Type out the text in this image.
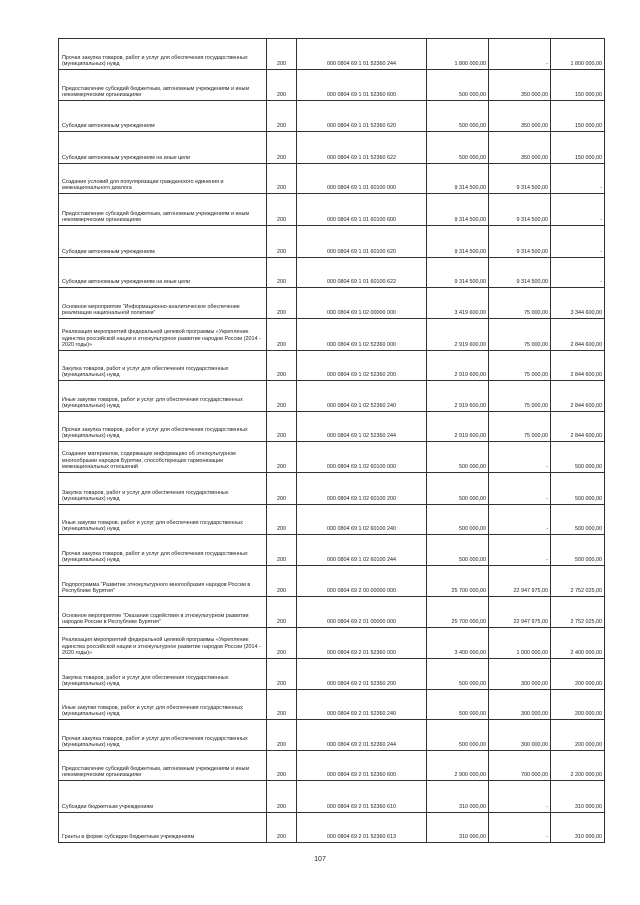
Прочая закупка товаров, работ и услуг для обеспечения государственных (муниципальных) нужд	200	000 0804 69 1 01 52360 244	1 800 000,00	-	1 800 000,00

Предоставление субсидий бюджетным, автономным учреждениям и иным некоммерческим организациям	200	000 0804 69 1 01 52360 600	500 000,00	350 000,00	150 000,00

Субсидии автономным учреждениям	200	000 0804 69 1 01 52360 620	500 000,00	350 000,00	150 000,00

Субсидии автономным учреждениям на иные цели	200	000 0804 69 1 01 52360 622	500 000,00	350 000,00	150 000,00

Создание условий для популяризации гражданского единения и межнационального диалога	200	000 0804 69 1 01 60100 000	9 314 500,00	9 314 500,00	-

Предоставление субсидий бюджетным, автономным учреждениям и иным некоммерческим организациям	200	000 0804 69 1 01 60100 600	9 314 500,00	9 314 500,00	-

Субсидии автономным учреждениям	200	000 0804 69 1 01 60100 620	9 314 500,00	9 314 500,00	-

Субсидии автономным учреждениям на иные цели	200	000 0804 69 1 01 60100 622	9 314 500,00	9 314 500,00	-

Основное мероприятие "Информационно-аналитическое обеспечение реализации национальной политики"	200	000 0804 69 1 02 00000 000	3 419 600,00	75 000,00	3 344 600,00

Реализация мероприятий федеральной целевой программы «Укрепление единства российской нации и этнокультурное развитие народов России (2014 - 2020 годы)»	200	000 0804 69 1 02 52360 000	2 919 600,00	75 000,00	2 844 600,00

Закупка товаров, работ и услуг для обеспечения государственных (муниципальных) нужд	200	000 0804 69 1 02 52360 200	2 919 600,00	75 000,00	2 844 600,00

Иные закупки товаров, работ и услуг для обеспечения государственных (муниципальных) нужд	200	000 0804 69 1 02 52360 240	2 919 600,00	75 000,00	2 844 600,00

Прочая закупка товаров, работ и услуг для обеспечения государственных (муниципальных) нужд	200	000 0804 69 1 02 52360 244	2 919 600,00	75 000,00	2 844 600,00

Создание материалов, содержащих информацию об этнокультурном многообразии народов Бурятии, способствующих гармонизации межнациональных отношений	200	000 0804 69 1 02 60100 000	500 000,00	-	500 000,00

Закупка товаров, работ и услуг для обеспечения государственных (муниципальных) нужд	200	000 0804 69 1 02 60100 200	500 000,00	-	500 000,00

Иные закупки товаров, работ и услуг для обеспечения государственных (муниципальных) нужд	200	000 0804 69 1 02 60100 240	500 000,00	-	500 000,00

Прочая закупка товаров, работ и услуг для обеспечения государственных (муниципальных) нужд	200	000 0804 69 1 02 60100 244	500 000,00	-	500 000,00

Подпрограмма "Развитие этнокультурного многообразия народов России в Республике Бурятия"	200	000 0804 69 2 00 00000 000	25 700 000,00	22 947 975,00	2 752 025,00

Основное мероприятие "Оказание содействия в этнокультурном развитии народов России в Республике Бурятия"	200	000 0804 69 2 01 00000 000	25 700 000,00	22 947 975,00	2 752 025,00

Реализация мероприятий федеральной целевой программы «Укрепление единства российской нации и этнокультурное развитие народов России (2014 - 2020 годы)»	200	000 0804 69 2 01 52360 000	3 400 000,00	1 000 000,00	2 400 000,00

Закупка товаров, работ и услуг для обеспечения государственных (муниципальных) нужд	200	000 0804 69 2 01 52360 200	500 000,00	300 000,00	200 000,00

Иные закупки товаров, работ и услуг для обеспечения государственных (муниципальных) нужд	200	000 0804 69 2 01 52360 240	500 000,00	300 000,00	200 000,00

Прочая закупка товаров, работ и услуг для обеспечения государственных (муниципальных) нужд	200	000 0804 69 2 01 52360 244	500 000,00	300 000,00	200 000,00

Предоставление субсидий бюджетным, автономным учреждениям и иным некоммерческим организациям	200	000 0804 69 2 01 52360 600	2 900 000,00	700 000,00	2 200 000,00

Субсидии бюджетным учреждениям	200	000 0804 69 2 01 52360 610	310 000,00	-	310 000,00

Гранты в форме субсидии бюджетным учреждениям	200	000 0804 69 2 01 52360 613	310 000,00	-	310 000,00
107
